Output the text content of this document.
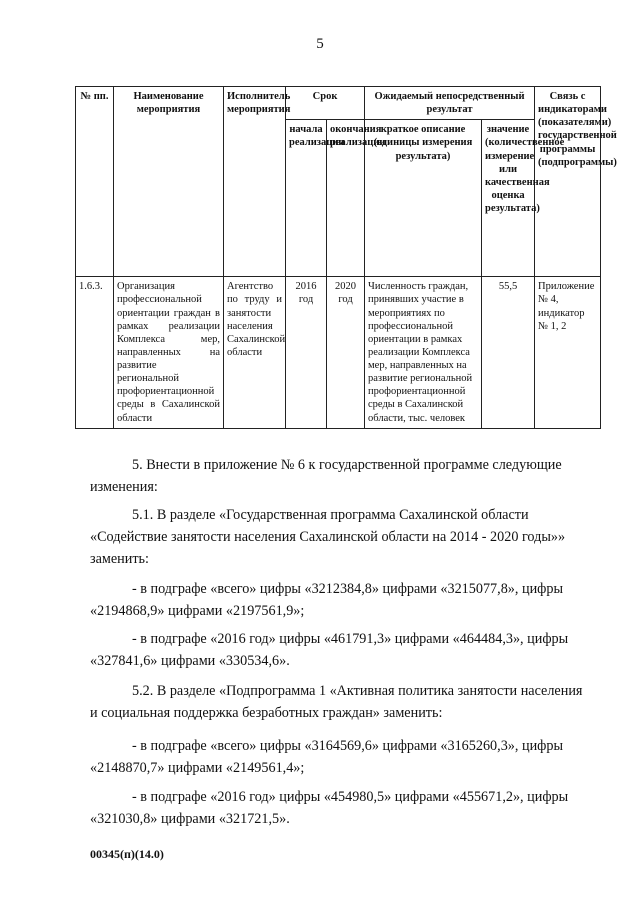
5
№ пп.	Наименование мероприятия	Исполнитель мероприятия	Срок		Ожидаемый непосредственный результат		Связь с индикаторами (показателями) государственной программы (подпрограммы)
			начала реализации	окончания реализации	краткое описание (единицы измерения результата)	значение (количественное измерение или качественная оценка результата)	
1.6.3.	Организация профессиональной ориентации граждан в рамках реализации Комплекса мер, направленных на развитие региональной профориентационной среды в Сахалинской области	Агентство по труду и занятости населения Сахалинской области	2016 год	2020 год	Численность граждан, принявших участие в мероприятиях по профессиональной ориентации в рамках реализации Комплекса мер, направленных на развитие региональной профориентационной среды в Сахалинской области, тыс. человек	55,5	Приложение № 4, индикатор № 1, 2
5. Внести в приложение № 6 к государственной программе следующие изменения:
5.1. В разделе «Государственная программа Сахалинской области «Содействие занятости населения Сахалинской области на 2014 - 2020 годы»» заменить:
- в подграфе «всего» цифры «3212384,8» цифрами «3215077,8», цифры «2194868,9» цифрами «2197561,9»;
- в подграфе «2016 год» цифры «461791,3» цифрами «464484,3», цифры «327841,6» цифрами «330534,6».
5.2. В разделе «Подпрограмма 1 «Активная политика занятости населения и социальная поддержка безработных граждан» заменить:
- в подграфе «всего» цифры «3164569,6» цифрами «3165260,3», цифры «2148870,7» цифрами «2149561,4»;
- в подграфе «2016 год» цифры «454980,5» цифрами «455671,2», цифры «321030,8» цифрами «321721,5».
00345(п)(14.0)
